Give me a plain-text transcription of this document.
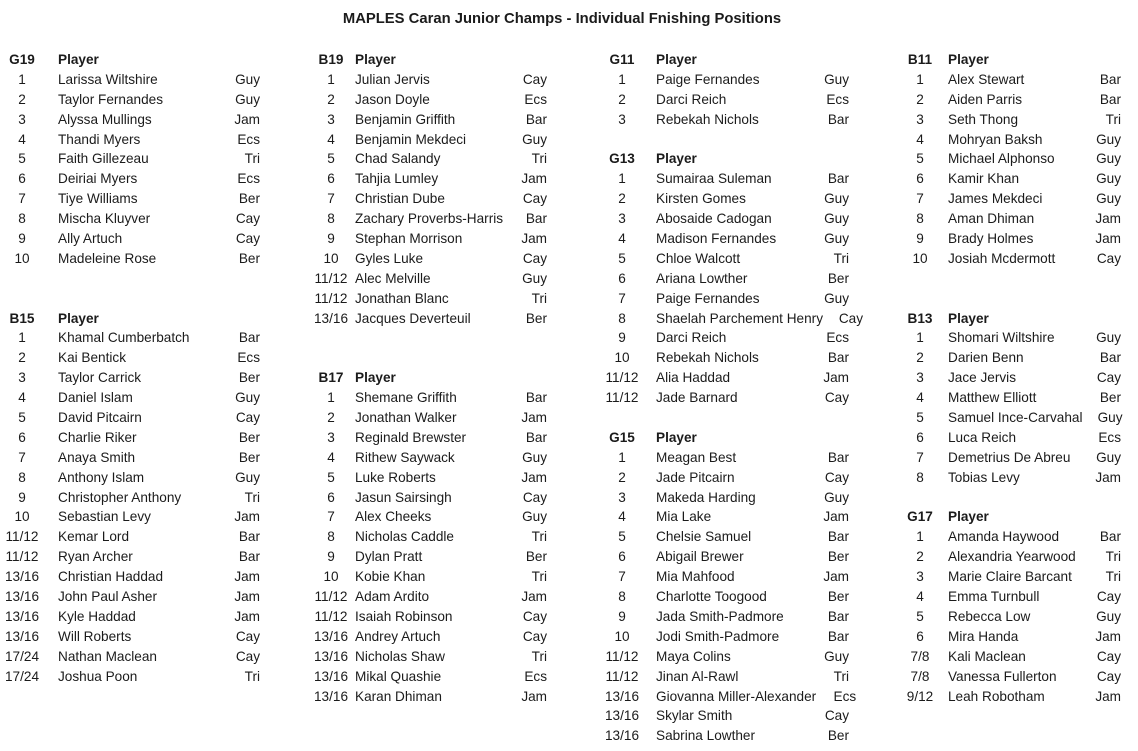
MAPLES Caran Junior Champs - Individual Fnishing Positions
G19	Player
1	Larissa Wiltshire	Guy
2	Taylor Fernandes	Guy
3	Alyssa Mullings	Jam
4	Thandi Myers	Ecs
5	Faith Gillezeau	Tri
6	Deiriai Myers	Ecs
7	Tiye Williams	Ber
8	Mischa Kluyver	Cay
9	Ally Artuch	Cay
10	Madeleine Rose	Ber
B15	Player
1	Khamal Cumberbatch	Bar
2	Kai Bentick	Ecs
3	Taylor Carrick	Ber
4	Daniel Islam	Guy
5	David Pitcairn	Cay
6	Charlie Riker	Ber
7	Anaya Smith	Ber
8	Anthony Islam	Guy
9	Christopher Anthony	Tri
10	Sebastian Levy	Jam
11/12	Kemar Lord	Bar
11/12	Ryan Archer	Bar
13/16	Christian Haddad	Jam
13/16	John Paul Asher	Jam
13/16	Kyle Haddad	Jam
13/16	Will Roberts	Cay
17/24	Nathan Maclean	Cay
17/24	Joshua Poon	Tri
B19 Player
1	Julian Jervis	Cay
2	Jason Doyle	Ecs
3	Benjamin Griffith	Bar
4	Benjamin Mekdeci	Guy
5	Chad Salandy	Tri
6	Tahjia Lumley	Jam
7	Christian Dube	Cay
8	Zachary Proverbs-Harris	Bar
9	Stephan Morrison	Jam
10	Gyles Luke	Cay
11/12 Alec Melville	Guy
11/12 Jonathan Blanc	Tri
13/16 Jacques Deverteuil	Ber
B17 Player
1	Shemane Griffith	Bar
2	Jonathan Walker	Jam
3	Reginald Brewster	Bar
4	Rithew Saywack	Guy
5	Luke Roberts	Jam
6	Jasun Sairsingh	Cay
7	Alex Cheeks	Guy
8	Nicholas Caddle	Tri
9	Dylan Pratt	Ber
10	Kobie Khan	Tri
11/12 Adam Ardito	Jam
11/12 Isaiah Robinson	Cay
13/16 Andrey Artuch	Cay
13/16 Nicholas Shaw	Tri
13/16 Mikal Quashie	Ecs
13/16 Karan Dhiman	Jam
G11	Player
1	Paige Fernandes	Guy
2	Darci Reich	Ecs
3	Rebekah Nichols	Bar
G13	Player
1	Sumairaa Suleman	Bar
2	Kirsten Gomes	Guy
3	Abosaide Cadogan	Guy
4	Madison Fernandes	Guy
5	Chloe Walcott	Tri
6	Ariana Lowther	Ber
7	Paige Fernandes	Guy
8	Shaelah Parchement Henry	Cay
9	Darci Reich	Ecs
10	Rebekah Nichols	Bar
11/12	Alia Haddad	Jam
11/12	Jade Barnard	Cay
G15	Player
1	Meagan Best	Bar
2	Jade Pitcairn	Cay
3	Makeda Harding	Guy
4	Mia Lake	Jam
5	Chelsie Samuel	Bar
6	Abigail Brewer	Ber
7	Mia Mahfood	Jam
8	Charlotte Toogood	Ber
9	Jada Smith-Padmore	Bar
10	Jodi Smith-Padmore	Bar
11/12	Maya Colins	Guy
11/12	Jinan Al-Rawl	Tri
13/16	Giovanna Miller-Alexander	Ecs
13/16	Skylar Smith	Cay
13/16	Sabrina Lowther	Ber
B11	Player
1	Alex Stewart	Bar
2	Aiden Parris	Bar
3	Seth Thong	Tri
4	Mohryan Baksh	Guy
5	Michael Alphonso	Guy
6	Kamir Khan	Guy
7	James Mekdeci	Guy
8	Aman Dhiman	Jam
9	Brady Holmes	Jam
10	Josiah Mcdermott	Cay
B13	Player
1	Shomari Wiltshire	Guy
2	Darien Benn	Bar
3	Jace Jervis	Cay
4	Matthew Elliott	Ber
5	Samuel Ince-Carvahal	Guy
6	Luca Reich	Ecs
7	Demetrius De Abreu	Guy
8	Tobias Levy	Jam
G17	Player
1	Amanda Haywood	Bar
2	Alexandria Yearwood	Tri
3	Marie Claire Barcant	Tri
4	Emma Turnbull	Cay
5	Rebecca Low	Guy
6	Mira Handa	Jam
7/8	Kali Maclean	Cay
7/8	Vanessa Fullerton	Cay
9/12	Leah Robotham	Jam
